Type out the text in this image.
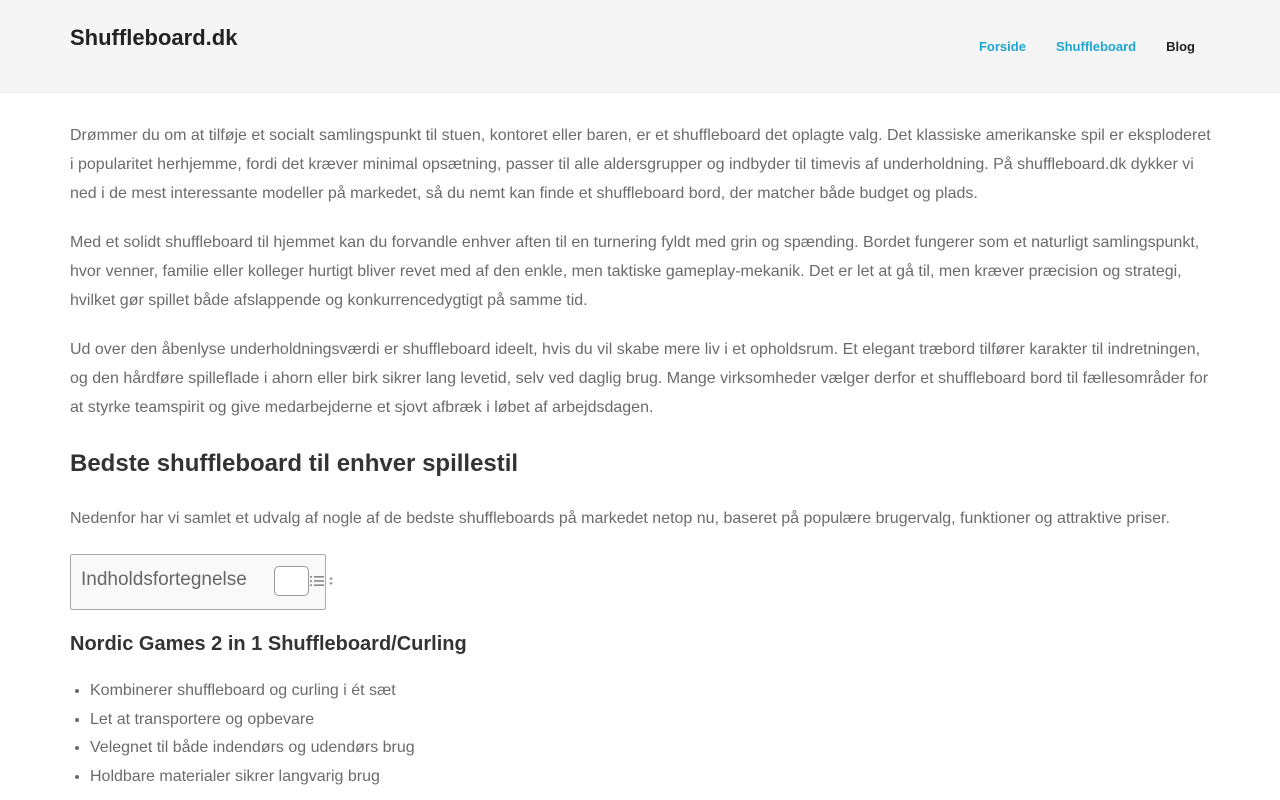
Shuffleboard.dk	Forside Shuffleboard Blog

Drømmer du om at tilføje et socialt samlingspunkt til stuen, kontoret eller baren, er et shuffleboard det oplagte valg. Det klassiske amerikanske spil er eksploderet i popularitet herhjemme, fordi det kræver minimal opsætning, passer til alle aldersgrupper og indbyder til timevis af underholdning. På shuffleboard.dk dykker vi ned i de mest interessante modeller på markedet, så du nemt kan finde et shuffleboard bord, der matcher både budget og plads.

Med et solidt shuffleboard til hjemmet kan du forvandle enhver aften til en turnering fyldt med grin og spænding. Bordet fungerer som et naturligt samlingspunkt, hvor venner, familie eller kolleger hurtigt bliver revet med af den enkle, men taktiske gameplay-mekanik. Det er let at gå til, men kræver præcision og strategi, hvilket gør spillet både afslappende og konkurrencedygtigt på samme tid.

Ud over den åbenlyse underholdningsværdi er shuffleboard ideelt, hvis du vil skabe mere liv i et opholdsrum. Et elegant træbord tilfører karakter til indretningen, og den hårdføre spilleflade i ahorn eller birk sikrer lang levetid, selv ved daglig brug. Mange virksomheder vælger derfor et shuffleboard bord til fællesområder for at styrke teamspirit og give medarbejderne et sjovt afbræk i løbet af arbejdsdagen.

Bedste shuffleboard til enhver spillestil

Nedenfor har vi samlet et udvalg af nogle af de bedste shuffleboards på markedet netop nu, baseret på populære brugervalg, funktioner og attraktive priser.

Indholdsfortegnelse
Nordic Games 2 in 1 Shuffleboard/Curling
• Kombinerer shuffleboard og curling i ét sæt
• Let at transportere og opbevare
• Velegnet til både indendørs og udendørs brug
• Holdbare materialer sikrer langvarig brug
